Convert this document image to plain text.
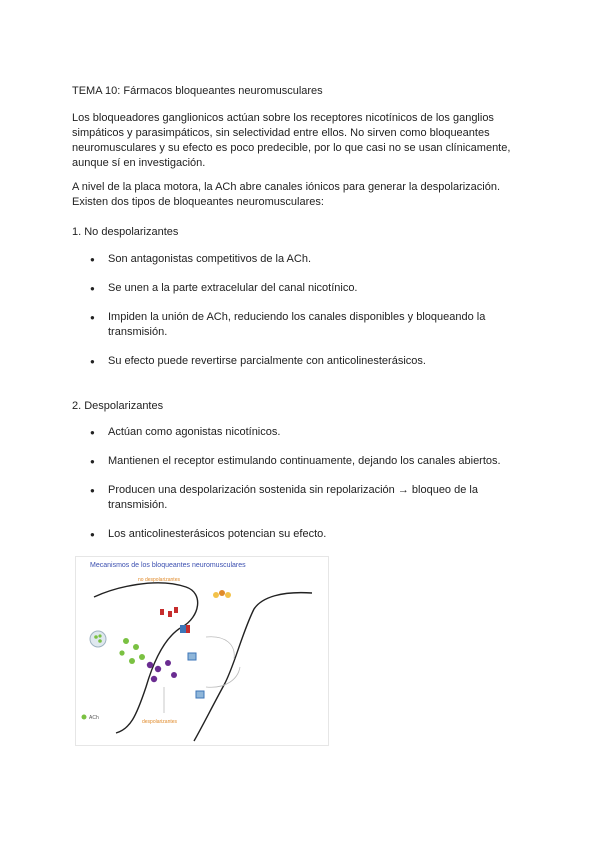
TEMA 10: Fármacos bloqueantes neuromusculares
Los bloqueadores ganglionicos actúan sobre los receptores nicotínicos de los ganglios simpáticos y parasimpáticos, sin selectividad entre ellos. No sirven como bloqueantes neuromusculares y su efecto es poco predecible, por lo que casi no se usan clínicamente, aunque sí en investigación.
A nivel de la placa motora, la ACh abre canales iónicos para generar la despolarización. Existen dos tipos de bloqueantes neuromusculares:
1. No despolarizantes
● Son antagonistas competitivos de la ACh.
● Se unen a la parte extracelular del canal nicotínico.
● Impiden la unión de ACh, reduciendo los canales disponibles y bloqueando la transmisión.
● Su efecto puede revertirse parcialmente con anticolinesterásicos.
2. Despolarizantes
● Actúan como agonistas nicotínicos.
● Mantienen el receptor estimulando continuamente, dejando los canales abiertos.
● Producen una despolarización sostenida sin repolarización → bloqueo de la transmisión.
● Los anticolinesterásicos potencian su efecto.
Mecanismos de los bloqueantes neuromusculares
no despolarizantes
despolarizantes
ACh
